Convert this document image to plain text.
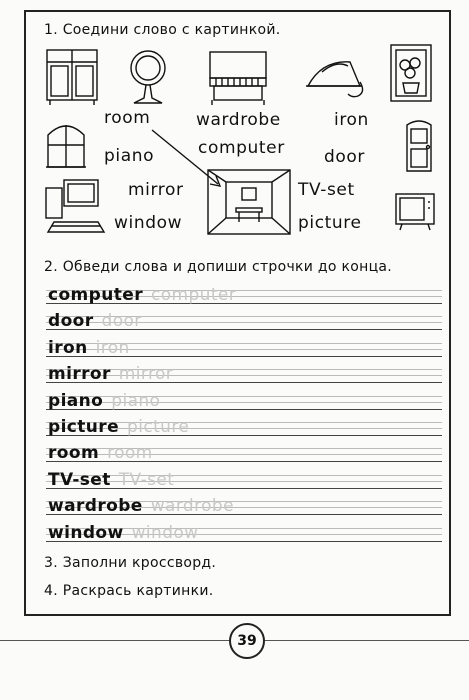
1. Соедини слово с картинкой.
room	wardrobe	iron
piano	computer door
mirror	TV-set
window	picture
2. Обведи слова и допиши строчки до конца.
computer computer
door door
iron iron
mirror mirror
piano piano
picture picture
room room
TV-set TV-set
wardrobe wardrobe
window window
3. Заполни кроссворд.
4. Раскрась картинки.
39
